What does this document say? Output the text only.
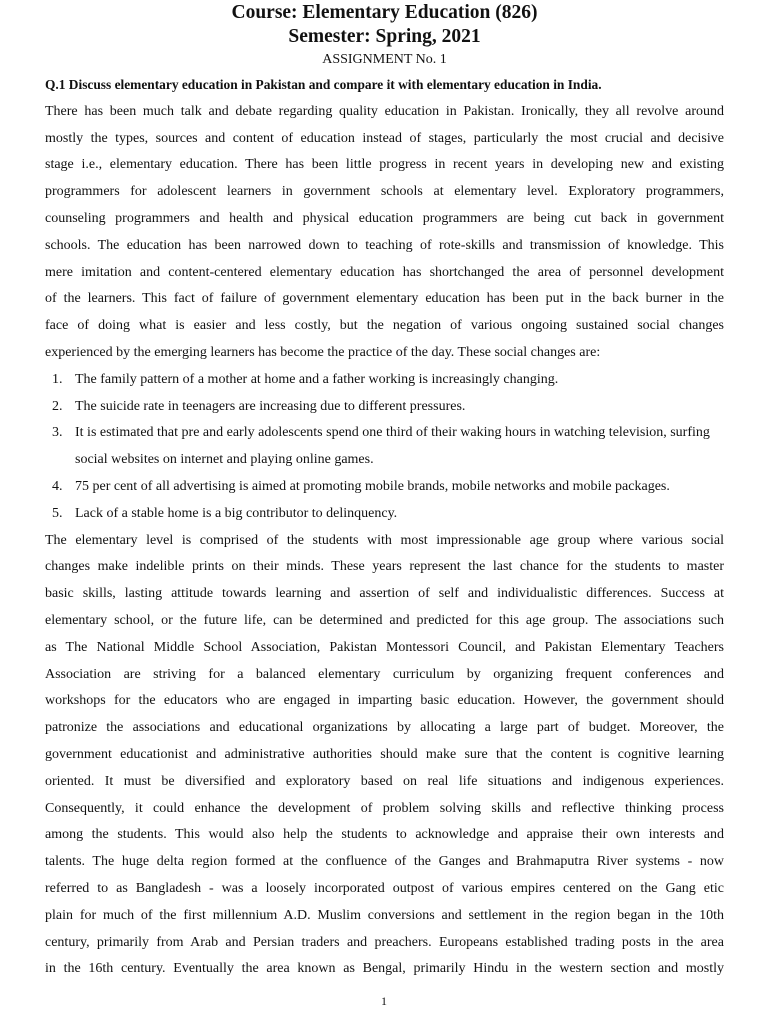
Course: Elementary Education (826)
Semester: Spring, 2021
ASSIGNMENT No. 1
Q.1 Discuss elementary education in Pakistan and compare it with elementary education in India.
There has been much talk and debate regarding quality education in Pakistan. Ironically, they all revolve around
mostly the types, sources and content of education instead of stages, particularly the most crucial and decisive
stage i.e., elementary education. There has been little progress in recent years in developing new and existing
programmers for adolescent learners in government schools at elementary level. Exploratory programmers,
counseling programmers and health and physical education programmers are being cut back in government
schools. The education has been narrowed down to teaching of rote-skills and transmission of knowledge. This
mere imitation and content-centered elementary education has shortchanged the area of personnel development
of the learners. This fact of failure of government elementary education has been put in the back burner in the
face of doing what is easier and less costly, but the negation of various ongoing sustained social changes
experienced by the emerging learners has become the practice of the day. These social changes are:
1. The family pattern of a mother at home and a father working is increasingly changing.
2. The suicide rate in teenagers are increasing due to different pressures.
3. It is estimated that pre and early adolescents spend one third of their waking hours in watching television, surfing social websites on internet and playing online games.
4. 75 per cent of all advertising is aimed at promoting mobile brands, mobile networks and mobile packages.
5. Lack of a stable home is a big contributor to delinquency.
The elementary level is comprised of the students with most impressionable age group where various social
changes make indelible prints on their minds. These years represent the last chance for the students to master
basic skills, lasting attitude towards learning and assertion of self and individualistic differences. Success at
elementary school, or the future life, can be determined and predicted for this age group. The associations such
as The National Middle School Association, Pakistan Montessori Council, and Pakistan Elementary Teachers
Association are striving for a balanced elementary curriculum by organizing frequent conferences and
workshops for the educators who are engaged in imparting basic education. However, the government should
patronize the associations and educational organizations by allocating a large part of budget. Moreover, the
government educationist and administrative authorities should make sure that the content is cognitive learning
oriented. It must be diversified and exploratory based on real life situations and indigenous experiences.
Consequently, it could enhance the development of problem solving skills and reflective thinking process
among the students. This would also help the students to acknowledge and appraise their own interests and
talents. The huge delta region formed at the confluence of the Ganges and Brahmaputra River systems - now
referred to as Bangladesh - was a loosely incorporated outpost of various empires centered on the Gang etic
plain for much of the first millennium A.D. Muslim conversions and settlement in the region began in the 10th
century, primarily from Arab and Persian traders and preachers. Europeans established trading posts in the area
in the 16th century. Eventually the area known as Bengal, primarily Hindu in the western section and mostly
1
